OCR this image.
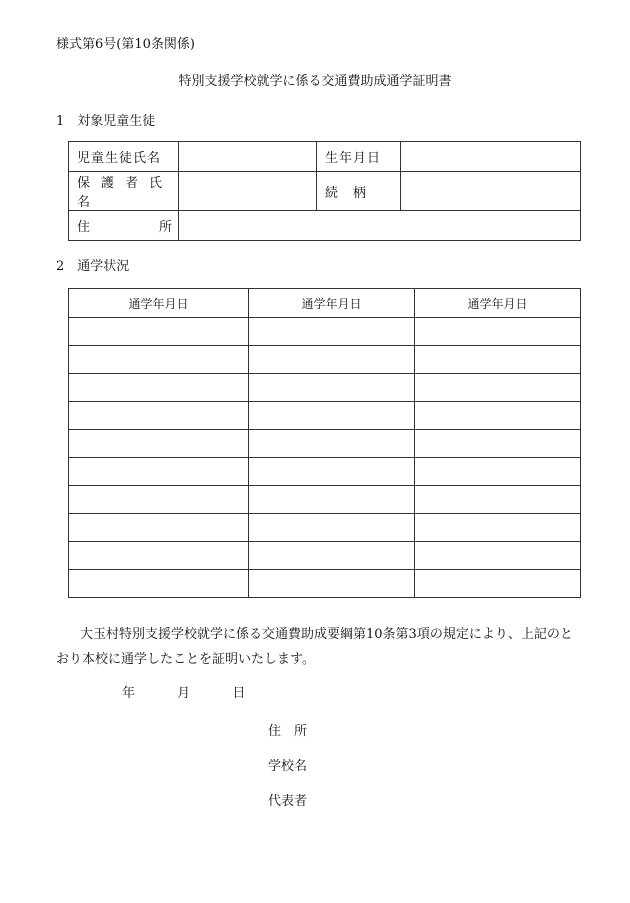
様式第6号(第10条関係)
特別支援学校就学に係る交通費助成通学証明書
1　対象児童生徒
児童生徒氏名		生年月日	
保護者氏名		続　柄	
住 所			
2　通学状況
通学年月日	通学年月日	通学年月日

大玉村特別支援学校就学に係る交通費助成要綱第10条第3項の規定により、上記のとおり本校に通学したことを証明いたします。
年	月	日
住　所
学校名
代表者
